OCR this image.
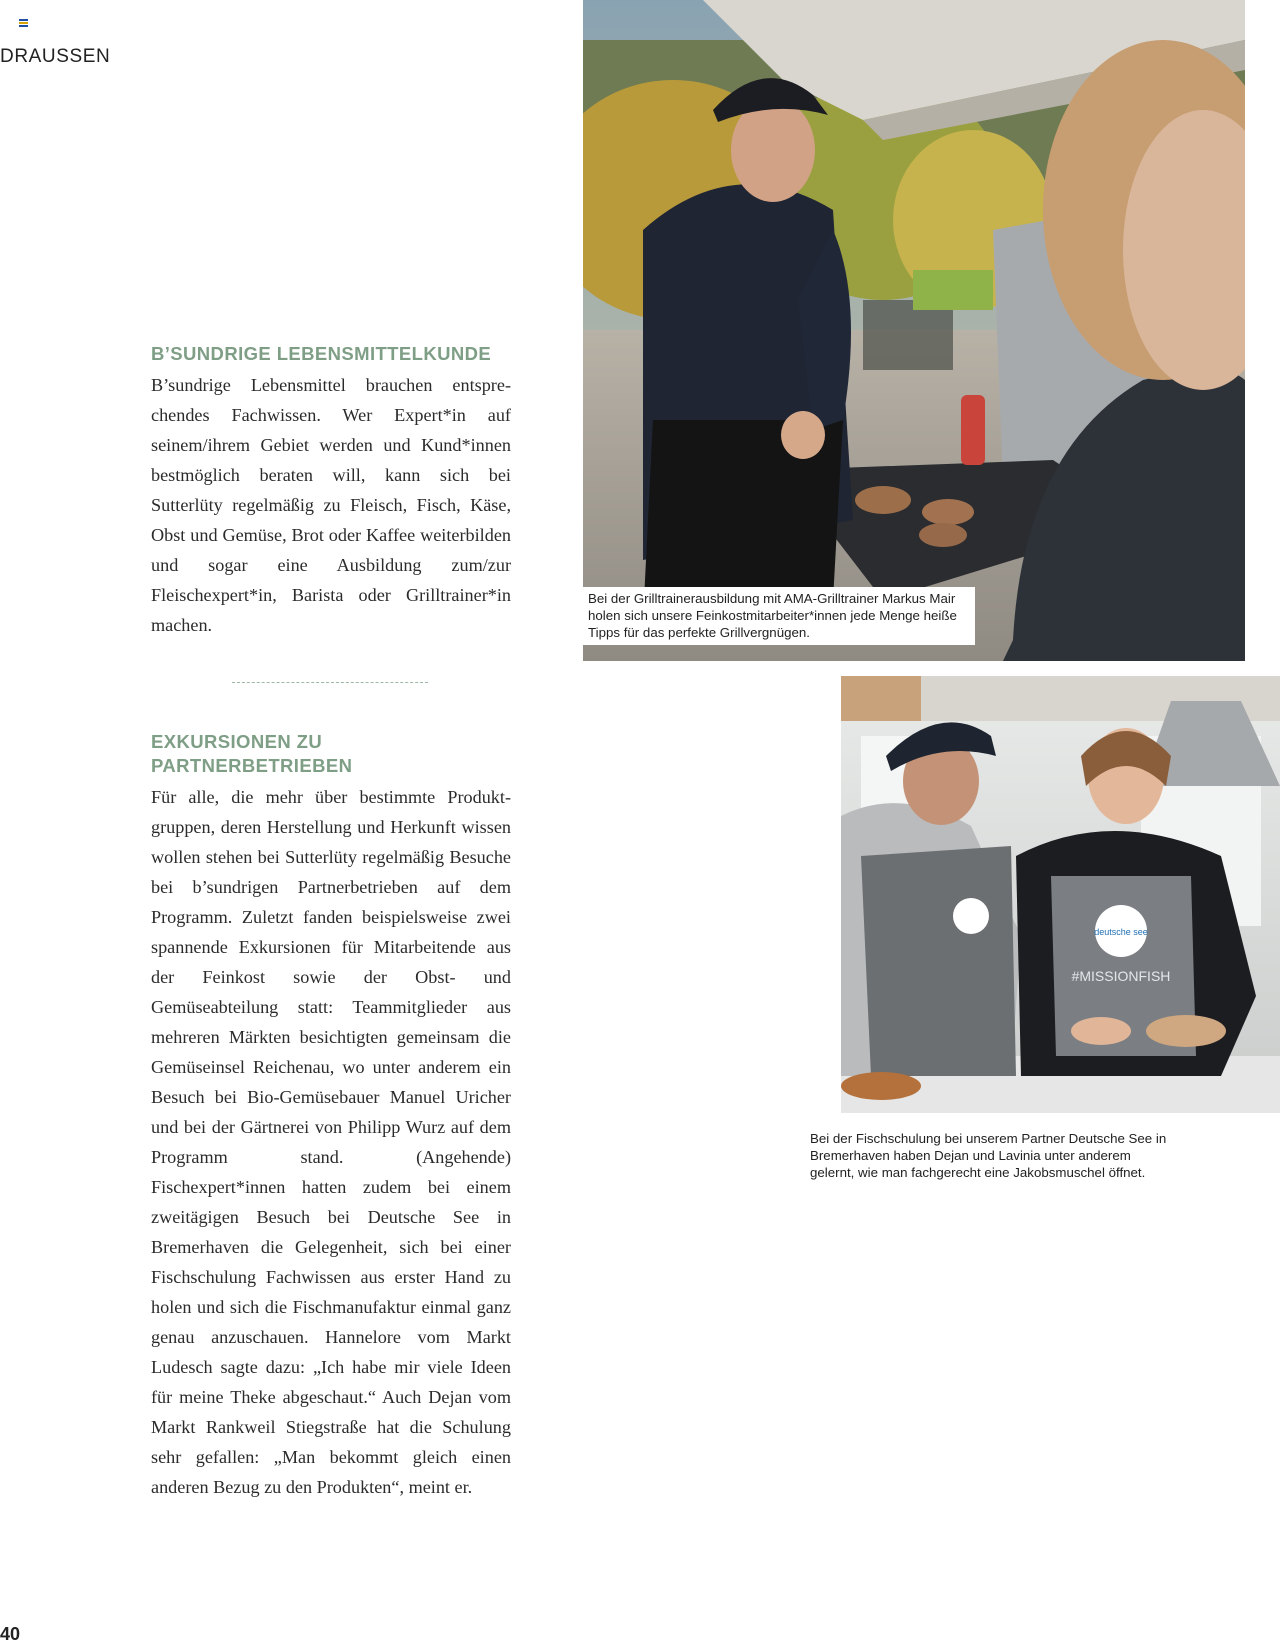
DRAUSSEN
B’SUNDRIGE LEBENSMITTELKUNDE

B’sundrige Lebensmittel brauchen entsprechendes Fachwissen. Wer Expert*in auf seinem/ihrem Gebiet werden und Kund*innen bestmöglich beraten will, kann sich bei Sutterlüty regelmäßig zu Fleisch, Fisch, Käse, Obst und Gemüse, Brot oder Kaffee weiterbilden und sogar eine Ausbildung zum/zur Fleischexpert*in, Barista oder Grilltrainer*in machen.

EXKURSIONEN ZU PARTNERBETRIEBEN

Für alle, die mehr über bestimmte Produktgruppen, deren Herstellung und Herkunft wissen wollen stehen bei Sutterlüty regelmäßig Besuche bei b’sundrigen Partnerbetrieben auf dem Programm. Zuletzt fanden beispielsweise zwei spannende Exkursionen für Mitarbeitende aus der Feinkost sowie der Obst- und Gemüseabteilung statt: Teammitglieder aus mehreren Märkten besichtigten gemeinsam die Gemüseinsel Reichenau, wo unter anderem ein Besuch bei Bio-Gemüsebauer Manuel Uricher und bei der Gärtnerei von Philipp Wurz auf dem Programm stand. (Angehende) Fischexpert*innen hatten zudem bei einem zweitägigen Besuch bei Deutsche See in Bremerhaven die Gelegenheit, sich bei einer Fischschulung Fachwissen aus erster Hand zu holen und sich die Fischmanufaktur einmal ganz genau anzuschauen. Hannelore vom Markt Ludesch sagte dazu: „Ich habe mir viele Ideen für meine Theke abgeschaut.“ Auch Dejan vom Markt Rankweil Stiegstraße hat die Schulung sehr gefallen: „Man bekommt gleich einen anderen Bezug zu den Produkten“, meint er.

Bei der Grilltrainerausbildung mit AMA-Grilltrainer Markus Mair holen sich unsere Feinkostmitarbeiter*innen jede Menge heiße Tipps für das perfekte Grillvergnügen.
deutsche see
#MISSIONFISH
Bei der Fischschulung bei unserem Partner Deutsche See in Bremerhaven haben Dejan und Lavinia unter anderem gelernt, wie man fachgerecht eine Jakobsmuschel öffnet.
40
